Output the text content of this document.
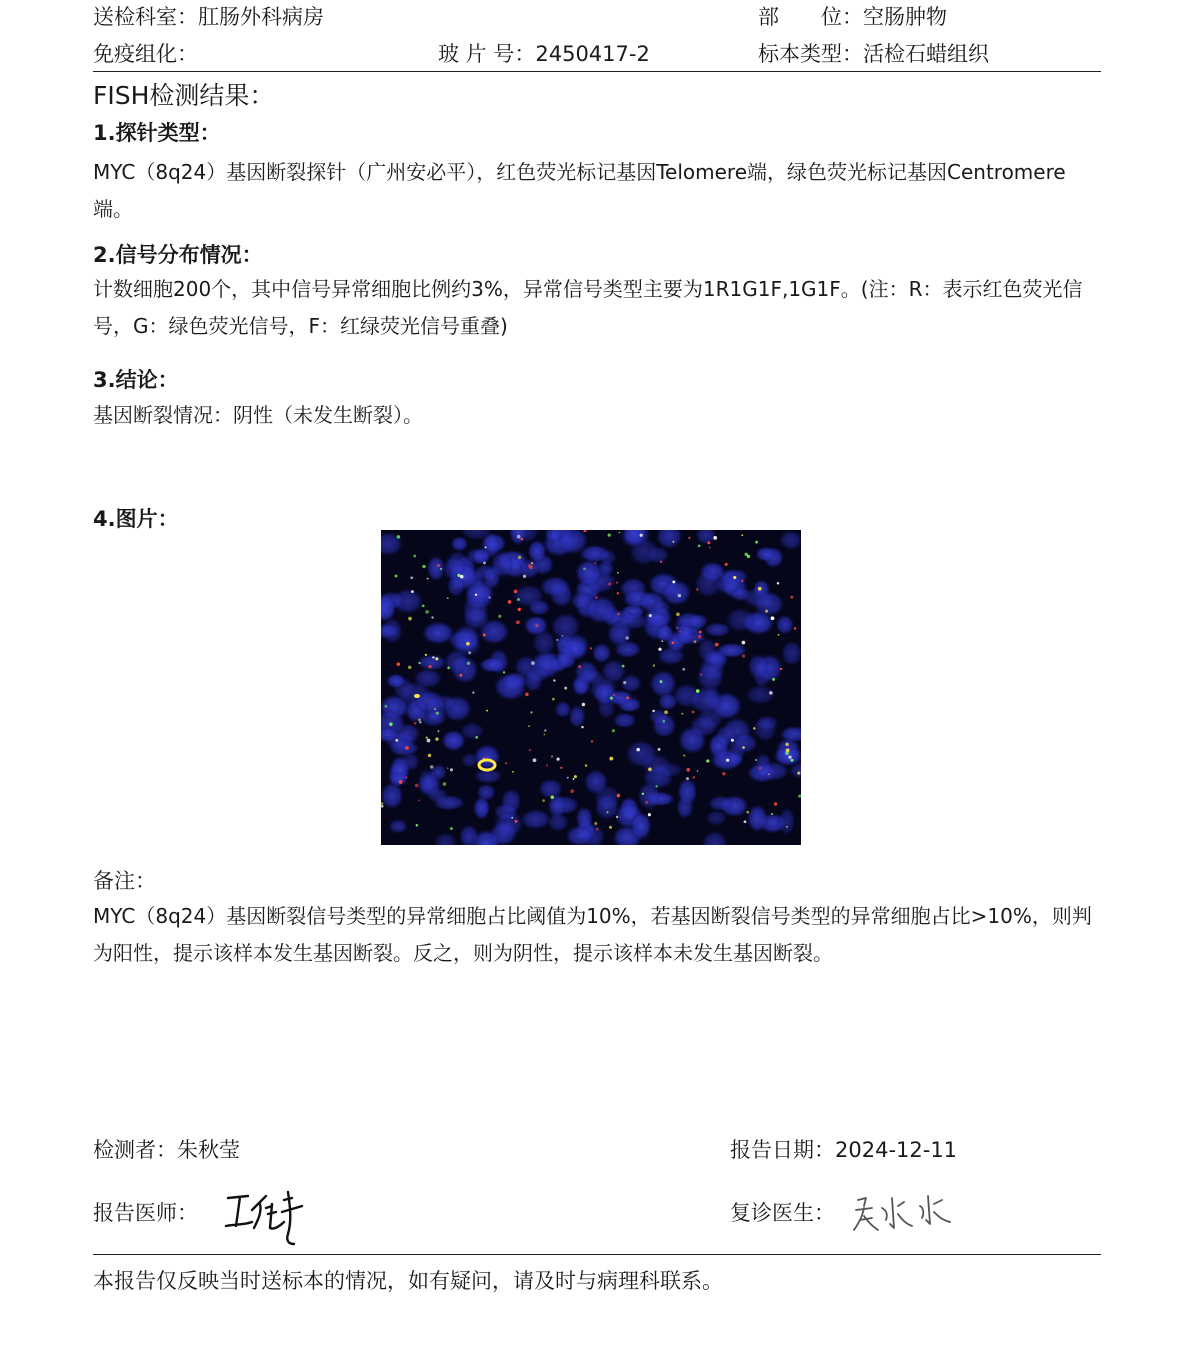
送检科室：肛肠外科病房	部　　位：空肠肿物
免疫组化：	玻 片 号：2450417-2	标本类型：活检石蜡组织
FISH检测结果：
1.探针类型：
MYC（8q24）基因断裂探针（广州安必平），红色荧光标记基因Telomere端，绿色荧光标记基因Centromere端。
2.信号分布情况：
计数细胞200个，其中信号异常细胞比例约3%，异常信号类型主要为1R1G1F,1G1F。(注：R：表示红色荧光信号，G：绿色荧光信号，F：红绿荧光信号重叠)
3.结论：
基因断裂情况：阴性（未发生断裂）。
4.图片：
备注：
MYC（8q24）基因断裂信号类型的异常细胞占比阈值为10%，若基因断裂信号类型的异常细胞占比>10%，则判为阳性，提示该样本发生基因断裂。反之，则为阴性，提示该样本未发生基因断裂。
检测者：朱秋莹	报告日期：2024-12-11
报告医师：	复诊医生：
本报告仅反映当时送标本的情况，如有疑问，请及时与病理科联系。
